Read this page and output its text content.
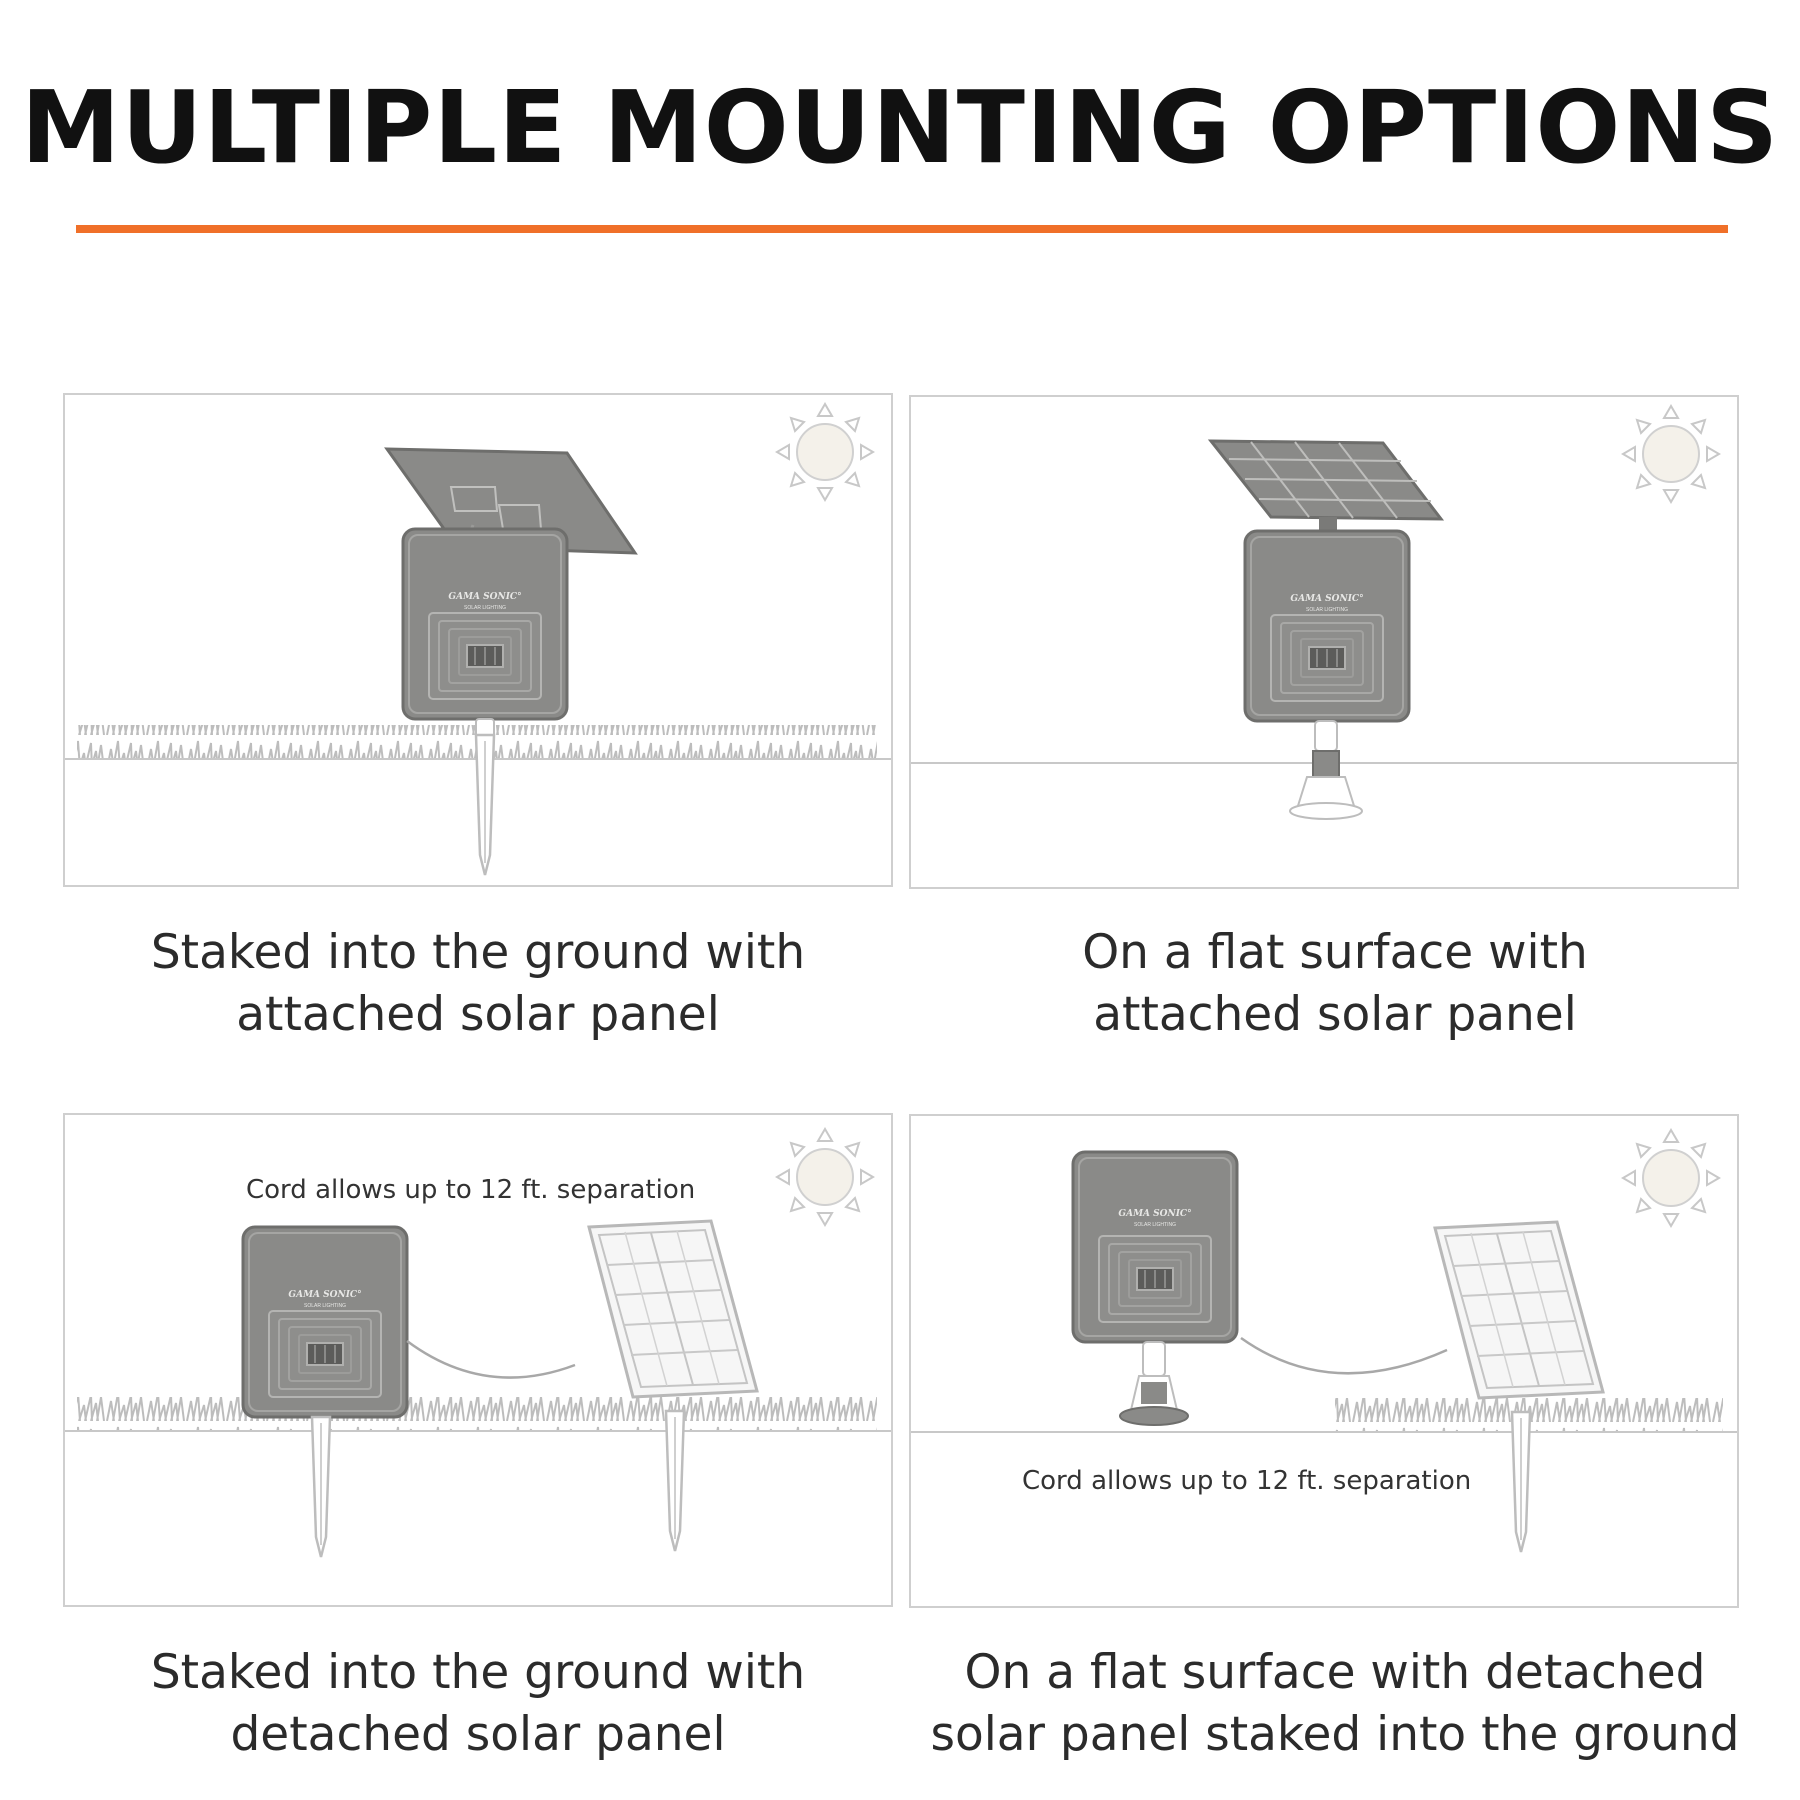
MULTIPLE MOUNTING OPTIONS
GAMA SONIC°
SOLAR LIGHTING
GAMA SONIC°
SOLAR LIGHTING
GAMA SONIC°
SOLAR LIGHTING
Cord allows up to 12 ft. separation
GAMA SONIC°
SOLAR LIGHTING
Cord allows up to 12 ft. separation
Staked into the ground with
attached solar panel
On a flat surface with
attached solar panel
Staked into the ground with
detached solar panel
On a flat surface with detached
solar panel staked into the ground
